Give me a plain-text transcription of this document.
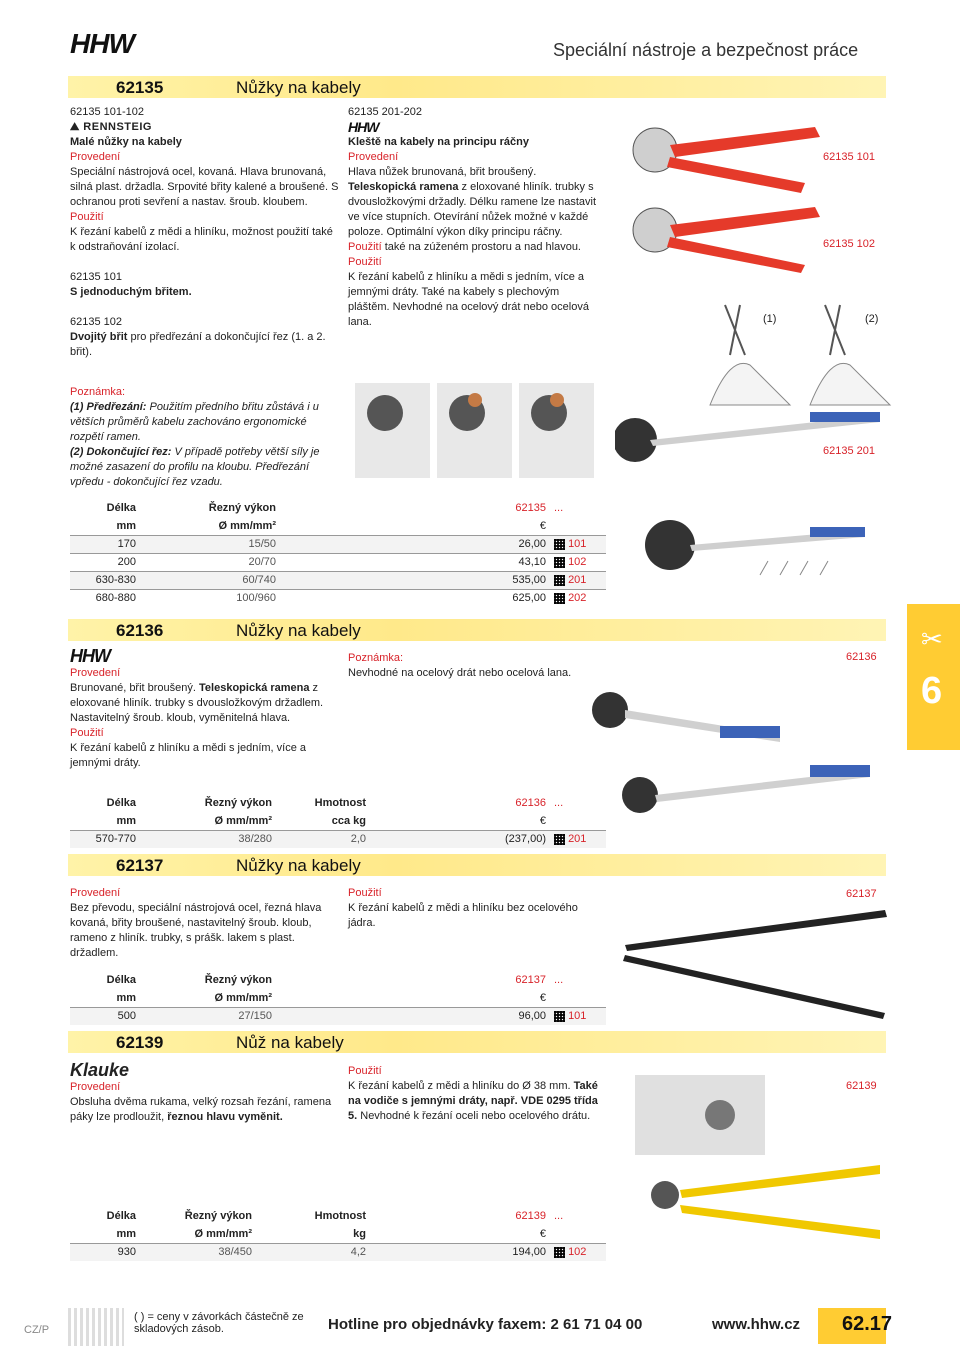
HHW	Speciální nástroje a bezpečnost práce
62135	Nůžky na kabely
62135 101-102
⛰ RENNSTEIG
Malé nůžky na kabely
Provedení
Speciální nástrojová ocel, kovaná. Hlava brunovaná, silná plast. držadla. Srpovité břity kalené a broušené. S ochranou proti sevření a nastav. šroub. kloubem.
Použití
K řezání kabelů z mědi a hliníku, možnost použití také k odstraňování izolací.
62135 101
S jednoduchým břitem.
62135 102
Dvojitý břit pro předřezání a dokončující řez (1. a 2. břit).
62135 201-202
HHW
Kleště na kabely na principu ráčny
Provedení
Hlava nůžek brunovaná, břit broušený. Teleskopická ramena z eloxované hliník. trubky s dvousložkovými držadly. Délku ramene lze nastavit ve více stupních. Otevírání nůžek možné v každé poloze. Optimální výkon díky principu ráčny. Použití také na zúženém prostoru a nad hlavou.
Použití
K řezání kabelů z hliníku a mědi s jedním, více a jemnými dráty. Také na kabely s plechovým pláštěm. Nevhodné na ocelový drát nebo ocelová lana.
62135 101
62135 102
(1)	(2)
Poznámka:
(1) Předřezání: Použitím předního břitu zůstává i u větších průměrů kabelu zachováno ergonomické rozpětí ramen.
(2) Dokončující řez: V případě potřeby větší síly je možné zasazení do profilu na kloubu. Předřezání vpředu - dokončující řez vzadu.
62135 201
Délka	Řezný výkon	62135	...
mm	Ø mm/mm²	€	
170	15/50	26,00	101
200	20/70	43,10	102
630-830	60/740	535,00	201
680-880	100/960	625,00	202
62136	Nůžky na kabely
HHW
Provedení
Brunované, břit broušený. Teleskopická ramena z eloxované hliník. trubky s dvousložkovým držadlem. Nastavitelný šroub. kloub, vyměnitelná hlava.
Použití
K řezání kabelů z hliníku a mědi s jedním, více a jemnými dráty.
Poznámka:
Nevhodné na ocelový drát nebo ocelová lana.
62136
✂
6
Délka	Řezný výkon	Hmotnost	62136	...
mm	Ø mm/mm²	cca kg	€	
570-770	38/280	2,0	(237,00)	201
62137	Nůžky na kabely
Provedení
Bez převodu, speciální nástrojová ocel, řezná hlava kovaná, břity broušené, nastavitelný šroub. kloub, rameno z hliník. trubky, s prášk. lakem s plast. držadlem.
Použití
K řezání kabelů z mědi a hliníku bez ocelového jádra.
62137
Délka	Řezný výkon	62137	...
mm	Ø mm/mm²	€	
500	27/150	96,00	101
62139	Nůž na kabely
Klauke
Provedení
Obsluha dvěma rukama, velký rozsah řezání, ramena páky lze prodloužit, řeznou hlavu vyměnit.
Použití
K řezání kabelů z mědi a hliníku do Ø 38 mm. Také na vodiče s jemnými dráty, např. VDE 0295 třída 5. Nevhodné k řezání oceli nebo ocelového drátu.
62139
Délka	Řezný výkon	Hmotnost	62139	...
mm	Ø mm/mm²	kg	€	
930	38/450	4,2	194,00	102
CZ/P
( ) = ceny v závorkách částečně ze skladových zásob.	Hotline pro objednávky faxem: 2 61 71 04 00	www.hhw.cz 62.17
